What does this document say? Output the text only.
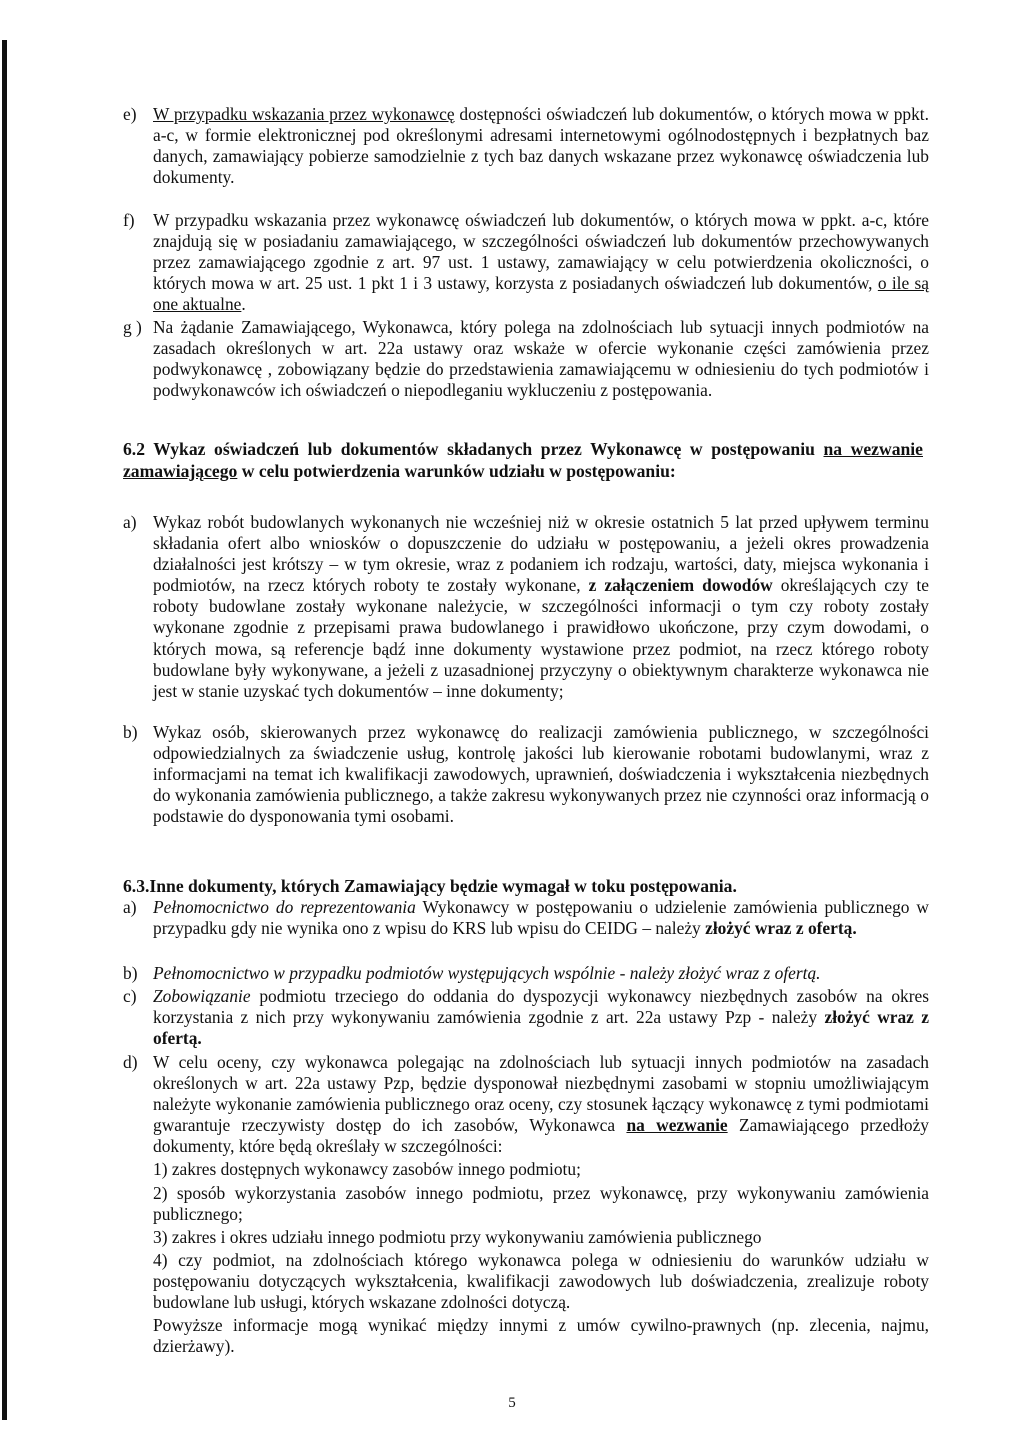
e) W przypadku wskazania przez wykonawcę dostępności oświadczeń lub dokumentów, o których mowa w ppkt. a-c, w formie elektronicznej pod określonymi adresami internetowymi ogólnodostępnych i bezpłatnych baz danych, zamawiający pobierze samodzielnie z tych baz danych wskazane przez wykonawcę oświadczenia lub dokumenty.
f)	W przypadku wskazania przez wykonawcę oświadczeń lub dokumentów, o których mowa w ppkt. a-c, które znajdują się w posiadaniu zamawiającego, w szczególności oświadczeń lub dokumentów przechowywanych przez zamawiającego zgodnie z art. 97 ust. 1 ustawy, zamawiający w celu potwierdzenia okoliczności, o których mowa w art. 25 ust. 1 pkt 1 i 3 ustawy, korzysta z posiadanych oświadczeń lub dokumentów, o ile są one aktualne.
g ) Na żądanie Zamawiającego, Wykonawca, który polega na zdolnościach lub sytuacji innych podmiotów na zasadach określonych w art. 22a ustawy oraz wskaże w ofercie wykonanie części zamówienia przez podwykonawcę , zobowiązany będzie do przedstawienia zamawiającemu w odniesieniu do tych podmiotów i podwykonawców ich oświadczeń o niepodleganiu wykluczeniu z postępowania.
6.2 Wykaz oświadczeń lub dokumentów składanych przez Wykonawcę w postępowaniu na wezwanie zamawiającego w celu potwierdzenia warunków udziału w postępowaniu:
a) Wykaz robót budowlanych wykonanych nie wcześniej niż w okresie ostatnich 5 lat przed upływem terminu składania ofert albo wniosków o dopuszczenie do udziału w postępowaniu, a jeżeli okres prowadzenia działalności jest krótszy – w tym okresie, wraz z podaniem ich rodzaju, wartości, daty, miejsca wykonania i podmiotów, na rzecz których roboty te zostały wykonane, z załączeniem dowodów określających czy te roboty budowlane zostały wykonane należycie, w szczególności informacji o tym czy roboty zostały wykonane zgodnie z przepisami prawa budowlanego i prawidłowo ukończone, przy czym dowodami, o których mowa, są referencje bądź inne dokumenty wystawione przez podmiot, na rzecz którego roboty budowlane były wykonywane, a jeżeli z uzasadnionej przyczyny o obiektywnym charakterze wykonawca nie jest w stanie uzyskać tych dokumentów – inne dokumenty;
b) Wykaz osób, skierowanych przez wykonawcę do realizacji zamówienia publicznego, w szczególności odpowiedzialnych za świadczenie usług, kontrolę jakości lub kierowanie robotami budowlanymi, wraz z informacjami na temat ich kwalifikacji zawodowych, uprawnień, doświadczenia i wykształcenia niezbędnych do wykonania zamówienia publicznego, a także zakresu wykonywanych przez nie czynności oraz informacją o podstawie do dysponowania tymi osobami.
6.3.Inne dokumenty, których Zamawiający będzie wymagał w toku postępowania.
a) Pełnomocnictwo do reprezentowania Wykonawcy w postępowaniu o udzielenie zamówienia publicznego w przypadku gdy nie wynika ono z wpisu do KRS lub wpisu do CEIDG – należy złożyć wraz z ofertą.
b) Pełnomocnictwo w przypadku podmiotów występujących wspólnie - należy złożyć wraz z ofertą.
c) Zobowiązanie podmiotu trzeciego do oddania do dyspozycji wykonawcy niezbędnych zasobów na okres korzystania z nich przy wykonywaniu zamówienia zgodnie z art. 22a ustawy Pzp - należy złożyć wraz z ofertą.
d) W celu oceny, czy wykonawca polegając na zdolnościach lub sytuacji innych podmiotów na zasadach określonych w art. 22a ustawy Pzp, będzie dysponował niezbędnymi zasobami w stopniu umożliwiającym należyte wykonanie zamówienia publicznego oraz oceny, czy stosunek łączący wykonawcę z tymi podmiotami gwarantuje rzeczywisty dostęp do ich zasobów, Wykonawca na wezwanie Zamawiającego przedłoży dokumenty, które będą określały w szczególności:
1) zakres dostępnych wykonawcy zasobów innego podmiotu;
2) sposób wykorzystania zasobów innego podmiotu, przez wykonawcę, przy wykonywaniu zamówienia publicznego;
3) zakres i okres udziału innego podmiotu przy wykonywaniu zamówienia publicznego
4) czy podmiot, na zdolnościach którego wykonawca polega w odniesieniu do warunków udziału w postępowaniu dotyczących wykształcenia, kwalifikacji zawodowych lub doświadczenia, zrealizuje roboty budowlane lub usługi, których wskazane zdolności dotyczą.
Powyższe informacje mogą wynikać między innymi z umów cywilno-prawnych (np. zlecenia, najmu, dzierżawy).
5
